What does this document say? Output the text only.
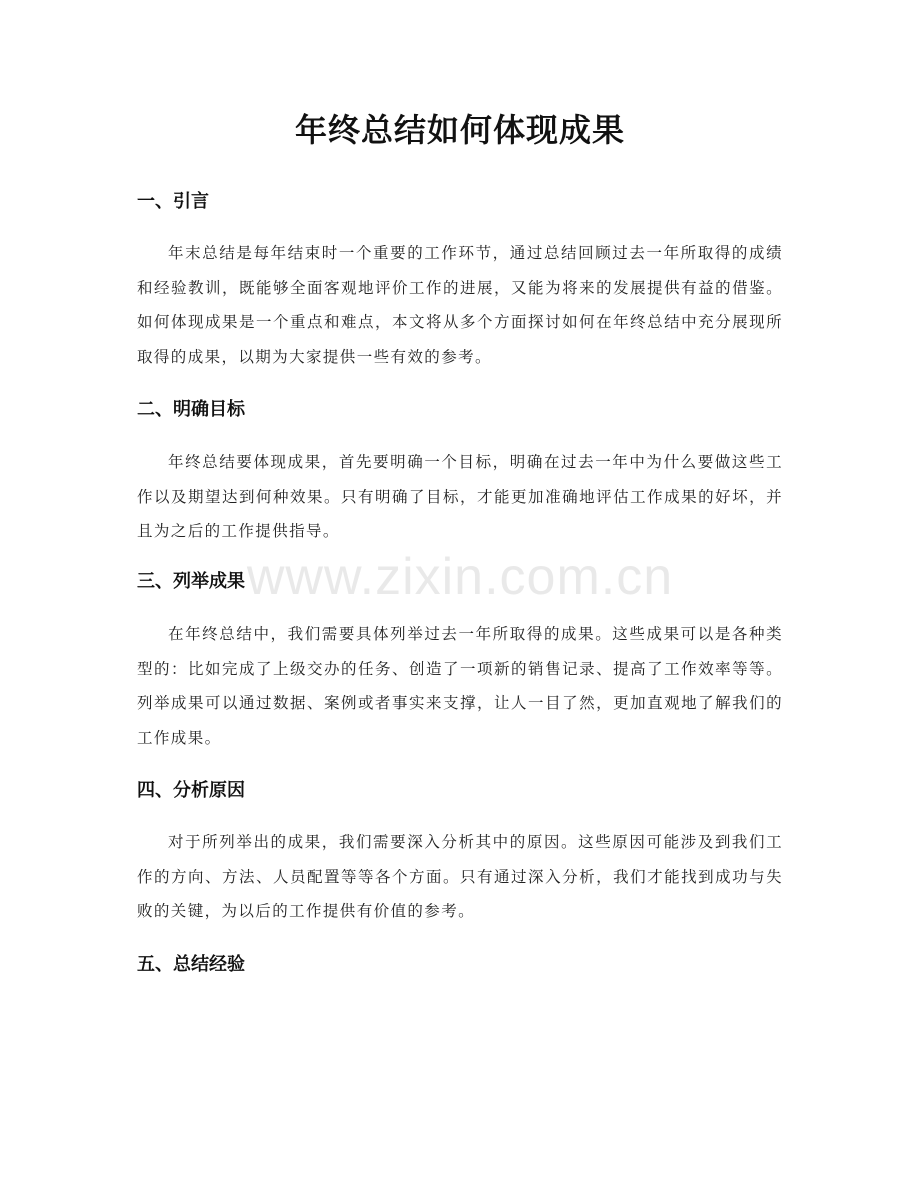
年终总结如何体现成果
一、引言
年末总结是每年结束时一个重要的工作环节，通过总结回顾过去一年所取得的成绩和经验教训，既能够全面客观地评价工作的进展，又能为将来的发展提供有益的借鉴。如何体现成果是一个重点和难点，本文将从多个方面探讨如何在年终总结中充分展现所取得的成果，以期为大家提供一些有效的参考。
二、明确目标
年终总结要体现成果，首先要明确一个目标，明确在过去一年中为什么要做这些工作以及期望达到何种效果。只有明确了目标，才能更加准确地评估工作成果的好坏，并且为之后的工作提供指导。
三、列举成果
在年终总结中，我们需要具体列举过去一年所取得的成果。这些成果可以是各种类型的：比如完成了上级交办的任务、创造了一项新的销售记录、提高了工作效率等等。列举成果可以通过数据、案例或者事实来支撑，让人一目了然，更加直观地了解我们的工作成果。
四、分析原因
对于所列举出的成果，我们需要深入分析其中的原因。这些原因可能涉及到我们工作的方向、方法、人员配置等等各个方面。只有通过深入分析，我们才能找到成功与失败的关键，为以后的工作提供有价值的参考。
五、总结经验
www.zixin.com.cn
